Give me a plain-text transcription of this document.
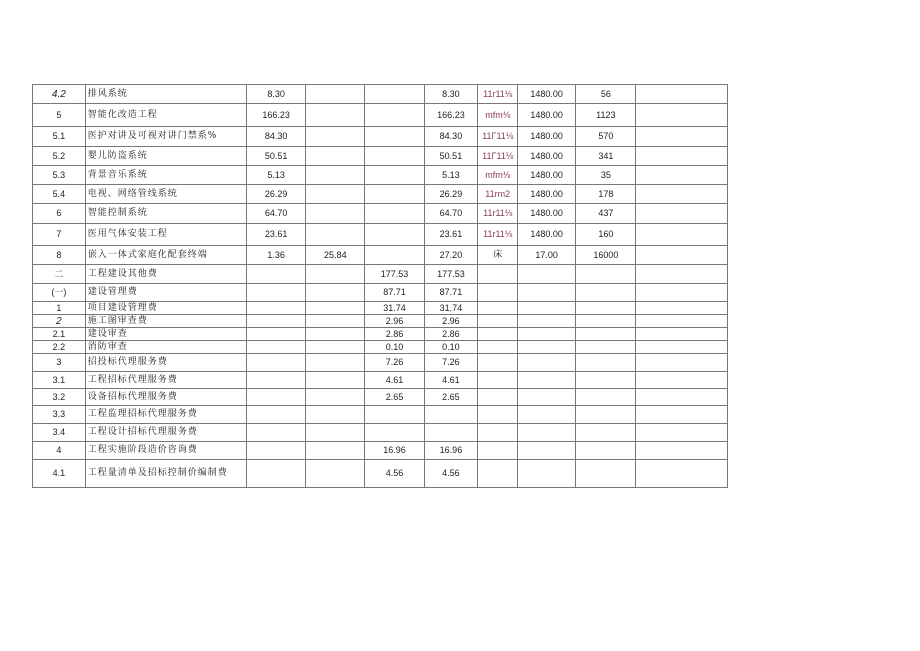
4.2	排风系统	8.30			8.30	11r11⅛	1480.00	56	
5	智能化改造工程	166.23			166.23	mfm⅛	1480.00	1123	
5.1	医护对讲及可视对讲门禁系%	84.30			84.30	11Γ11⅛	1480.00	570	
5.2	婴儿防盗系统	50.51			50.51	11Γ11⅛	1480.00	341	
5.3	背景音乐系统	5.13			5.13	mfm⅛	1480.00	35	
5.4	电视、网络管线系统	26.29			26.29	11rm2	1480.00	178	
6	智能控制系统	64.70			64.70	11r11⅛	1480.00	437	
7	医用气体安装工程	23.61			23.61	11r11⅛	1480.00	160	
8	嵌入一体式家庭化配套终端	1.36	25.84		27.20	床	17.00	16000	
二	工程建设其他费			177.53	177.53				
(一)	建设管理费			87.71	87.71				
1	项目建设管理费			31.74	31.74				
2	施工图审查费			2.96	2.96				
2.1	建设审查			2.86	2.86				
2.2	消防审查			0.10	0.10				
3	招投标代理服务费			7.26	7.26				
3.1	工程招标代理服务费			4.61	4.61				
3.2	设备招标代理服务费			2.65	2.65				
3.3	工程监理招标代理服务费								
3.4	工程设计招标代理服务费								
4	工程实施阶段造价咨询费			16.96	16.96				
4.1	工程量清单及招标控制价编制费			4.56	4.56				
